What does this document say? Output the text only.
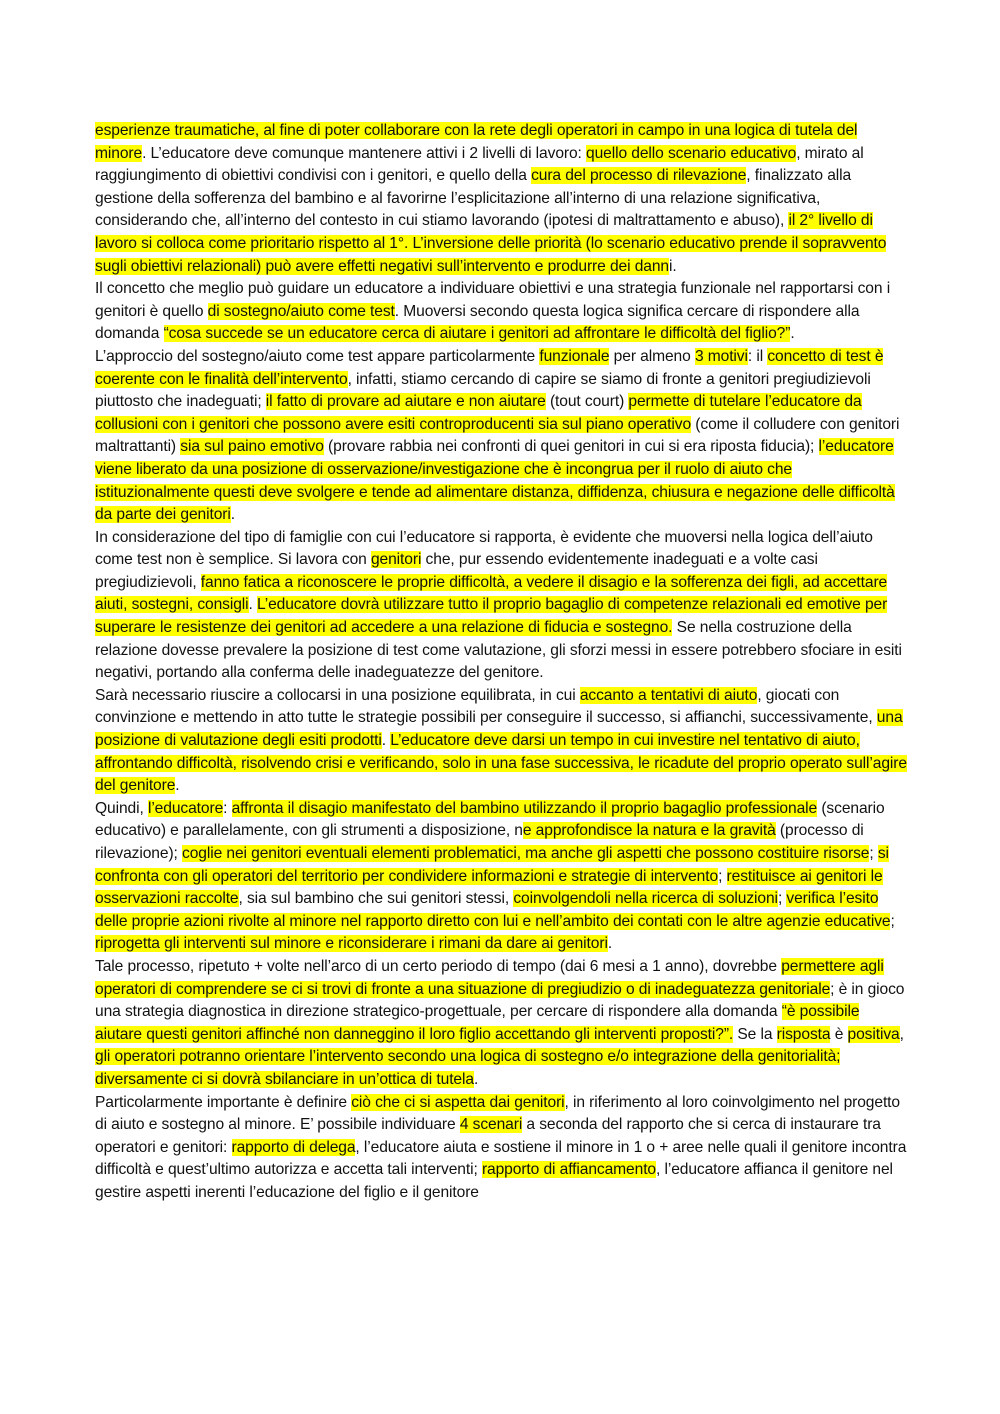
esperienze traumatiche, al fine di poter collaborare con la rete degli operatori in campo in una logica di tutela del minore. L’educatore deve comunque mantenere attivi i 2 livelli di lavoro: quello dello scenario educativo, mirato al raggiungimento di obiettivi condivisi con i genitori, e quello della cura del processo di rilevazione, finalizzato alla gestione della sofferenza del bambino e al favorirne l’esplicitazione all’interno di una relazione significativa, considerando che, all’interno del contesto in cui stiamo lavorando (ipotesi di maltrattamento e abuso), il 2° livello di lavoro si colloca come prioritario rispetto al 1°. L’inversione delle priorità (lo scenario educativo prende il sopravvento sugli obiettivi relazionali) può avere effetti negativi sull’intervento e produrre dei danni.

Il concetto che meglio può guidare un educatore a individuare obiettivi e una strategia funzionale nel rapportarsi con i genitori è quello di sostegno/aiuto come test. Muoversi secondo questa logica significa cercare di rispondere alla domanda “cosa succede se un educatore cerca di aiutare i genitori ad affrontare le difficoltà del figlio?”.

L’approccio del sostegno/aiuto come test appare particolarmente funzionale per almeno 3 motivi: il concetto di test è coerente con le finalità dell’intervento, infatti, stiamo cercando di capire se siamo di fronte a genitori pregiudizievoli piuttosto che inadeguati; il fatto di provare ad aiutare e non aiutare (tout court) permette di tutelare l’educatore da collusioni con i genitori che possono avere esiti controproducenti sia sul piano operativo (come il colludere con genitori maltrattanti) sia sul paino emotivo (provare rabbia nei confronti di quei genitori in cui si era riposta fiducia); l’educatore viene liberato da una posizione di osservazione/investigazione che è incongrua per il ruolo di aiuto che istituzionalmente questi deve svolgere e tende ad alimentare distanza, diffidenza, chiusura e negazione delle difficoltà da parte dei genitori.

In considerazione del tipo di famiglie con cui l’educatore si rapporta, è evidente che muoversi nella logica dell’aiuto come test non è semplice. Si lavora con genitori che, pur essendo evidentemente inadeguati e a volte casi pregiudizievoli, fanno fatica a riconoscere le proprie difficoltà, a vedere il disagio e la sofferenza dei figli, ad accettare aiuti, sostegni, consigli. L’educatore dovrà utilizzare tutto il proprio bagaglio di competenze relazionali ed emotive per superare le resistenze dei genitori ad accedere a una relazione di fiducia e sostegno. Se nella costruzione della relazione dovesse prevalere la posizione di test come valutazione, gli sforzi messi in essere potrebbero sfociare in esiti negativi, portando alla conferma delle inadeguatezze del genitore.

Sarà necessario riuscire a collocarsi in una posizione equilibrata, in cui accanto a tentativi di aiuto, giocati con convinzione e mettendo in atto tutte le strategie possibili per conseguire il successo, si affianchi, successivamente, una posizione di valutazione degli esiti prodotti. L’educatore deve darsi un tempo in cui investire nel tentativo di aiuto, affrontando difficoltà, risolvendo crisi e verificando, solo in una fase successiva, le ricadute del proprio operato sull’agire del genitore.

Quindi, l’educatore: affronta il disagio manifestato del bambino utilizzando il proprio bagaglio professionale (scenario educativo) e parallelamente, con gli strumenti a disposizione, ne approfondisce la natura e la gravità (processo di rilevazione); coglie nei genitori eventuali elementi problematici, ma anche gli aspetti che possono costituire risorse; si confronta con gli operatori del territorio per condividere informazioni e strategie di intervento; restituisce ai genitori le osservazioni raccolte, sia sul bambino che sui genitori stessi, coinvolgendoli nella ricerca di soluzioni; verifica l’esito delle proprie azioni rivolte al minore nel rapporto diretto con lui e nell’ambito dei contati con le altre agenzie educative; riprogetta gli interventi sul minore e riconsiderare i rimani da dare ai genitori.

Tale processo, ripetuto + volte nell’arco di un certo periodo di tempo (dai 6 mesi a 1 anno), dovrebbe permettere agli operatori di comprendere se ci si trovi di fronte a una situazione di pregiudizio o di inadeguatezza genitoriale; è in gioco una strategia diagnostica in direzione strategico-progettuale, per cercare di rispondere alla domanda “è possibile aiutare questi genitori affinché non danneggino il loro figlio accettando gli interventi proposti?”. Se la risposta è positiva, gli operatori potranno orientare l’intervento secondo una logica di sostegno e/o integrazione della genitorialità; diversamente ci si dovrà sbilanciare in un’ottica di tutela.

Particolarmente importante è definire ciò che ci si aspetta dai genitori, in riferimento al loro coinvolgimento nel progetto di aiuto e sostegno al minore. E’ possibile individuare 4 scenari a seconda del rapporto che si cerca di instaurare tra operatori e genitori: rapporto di delega, l’educatore aiuta e sostiene il minore in 1 o + aree nelle quali il genitore incontra difficoltà e quest’ultimo autorizza e accetta tali interventi; rapporto di affiancamento, l’educatore affianca il genitore nel gestire aspetti inerenti l’educazione del figlio e il genitore
